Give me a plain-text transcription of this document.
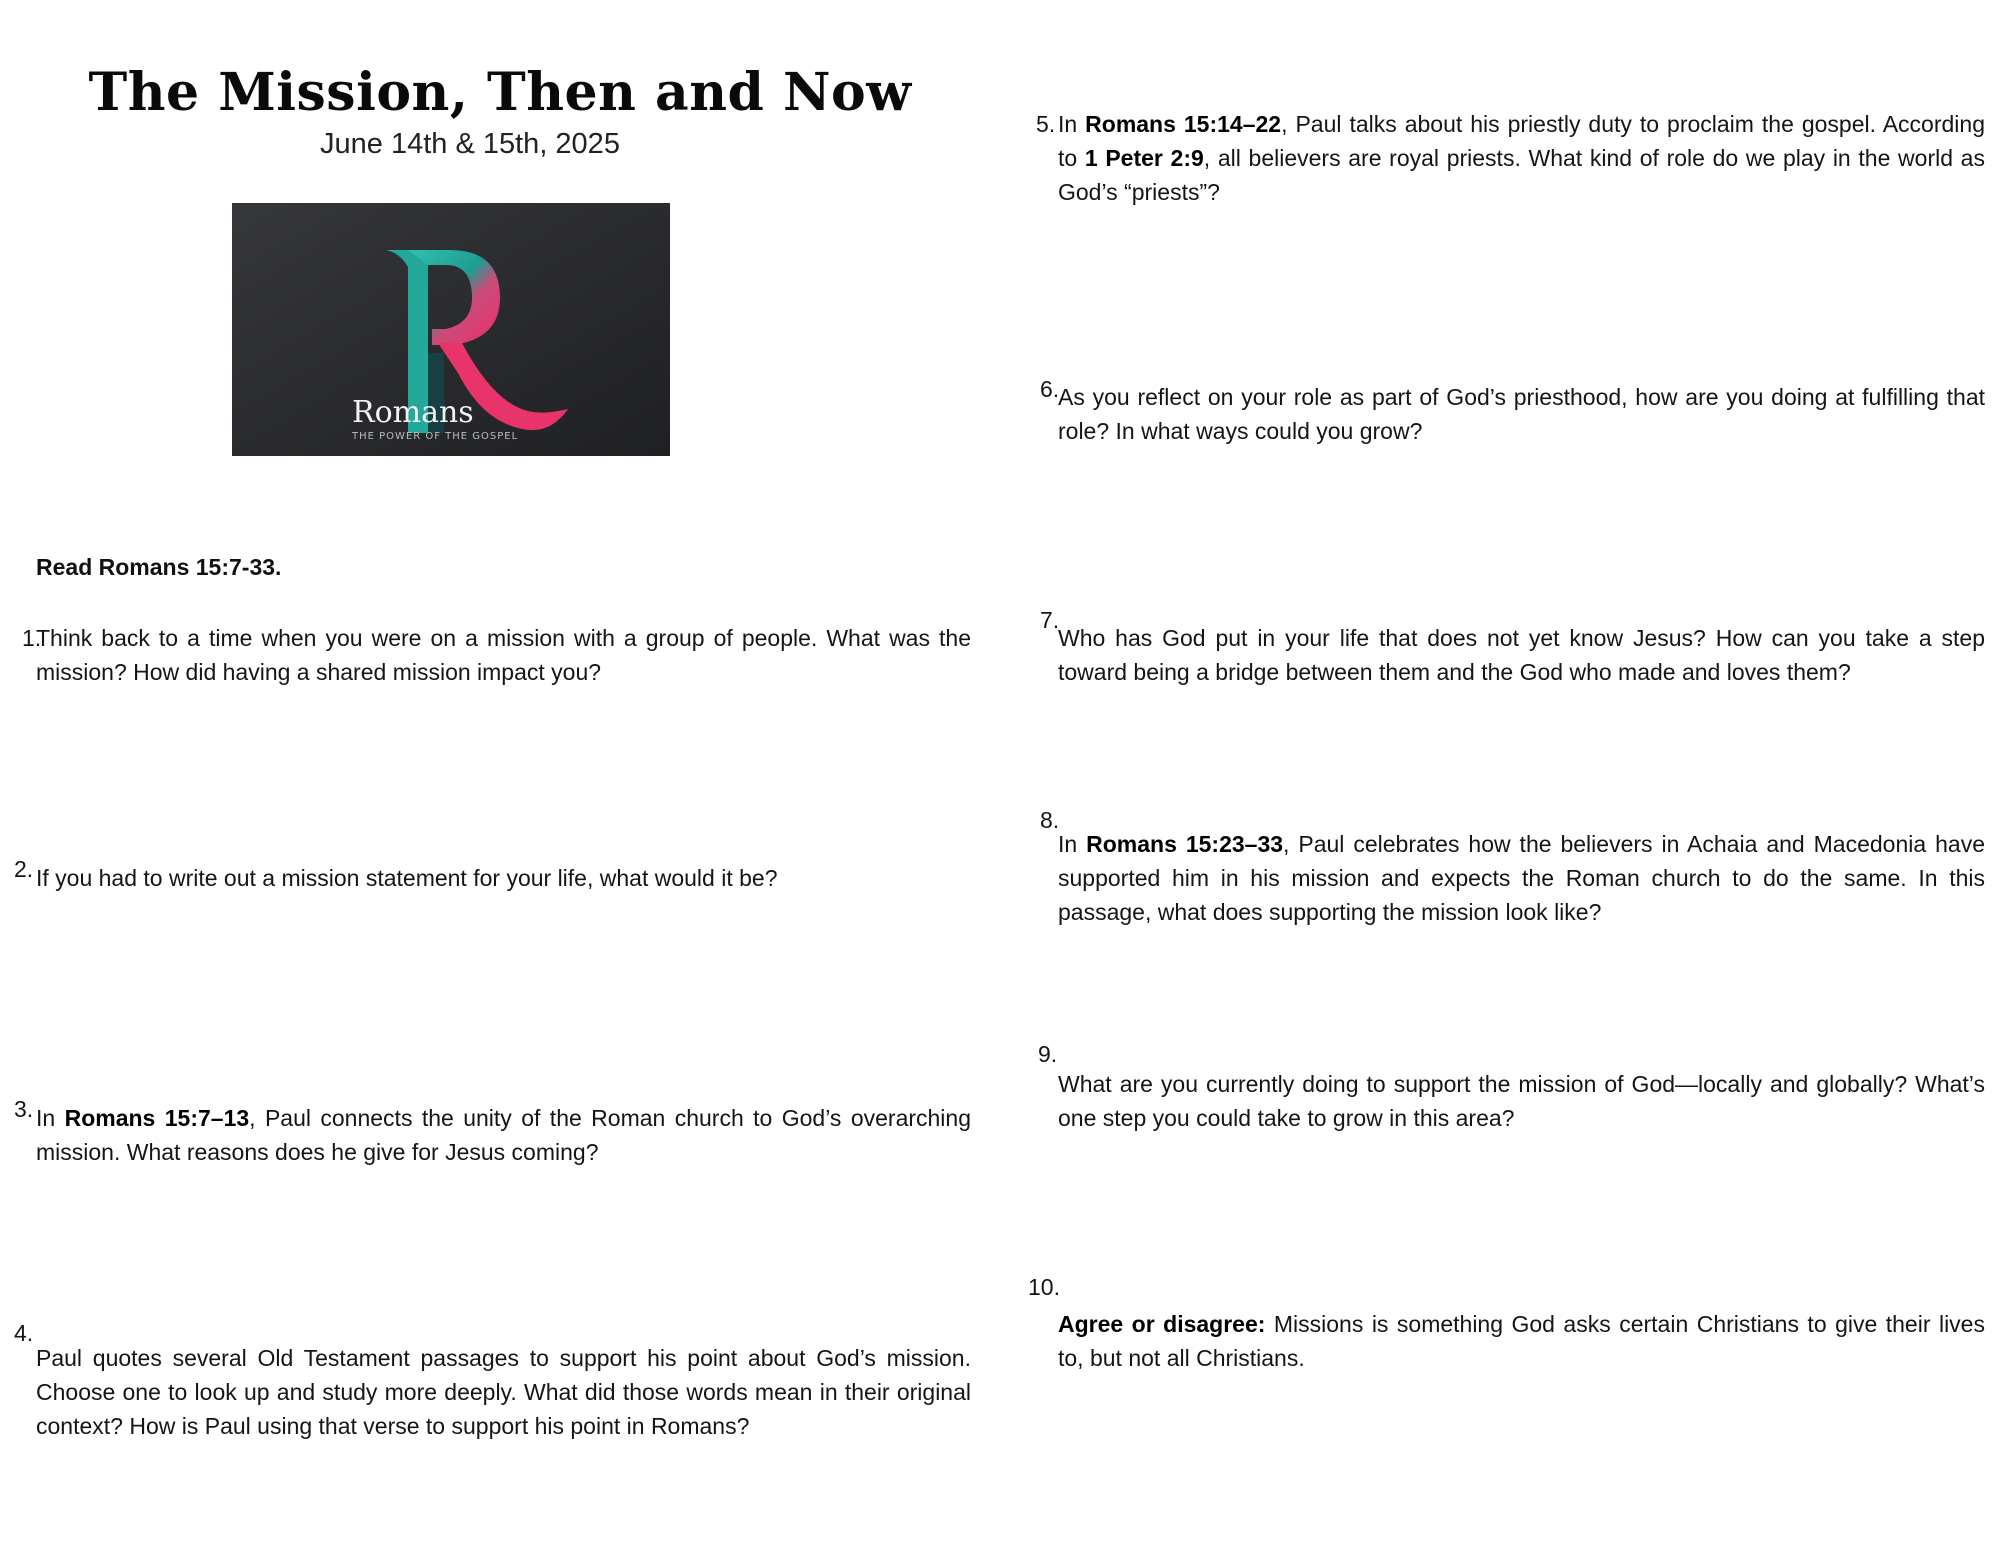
The Mission, Then and Now
June 14th & 15th, 2025
Romans
THE POWER OF THE GOSPEL
Read Romans 15:7-33.
1.
Think back to a time when you were on a mission with a group of people. What was the mission? How did having a shared mission impact you?
2. If you had to write out a mission statement for your life, what would it be?
3. In Romans 15:7–13, Paul connects the unity of the Roman church to God’s overarching mission. What reasons does he give for Jesus coming?
4.
Paul quotes several Old Testament passages to support his point about God’s mission. Choose one to look up and study more deeply. What did those words mean in their original context? How is Paul using that verse to support his point in Romans?
5. In Romans 15:14–22, Paul talks about his priestly duty to proclaim the gospel. According to 1 Peter 2:9, all believers are royal priests. What kind of role do we play in the world as God’s “priests”?
6.
As you reflect on your role as part of God’s priesthood, how are you doing at fulfilling that role? In what ways could you grow?
7.
Who has God put in your life that does not yet know Jesus? How can you take a step toward being a bridge between them and the God who made and loves them?
8.
In Romans 15:23–33, Paul celebrates how the believers in Achaia and Macedonia have supported him in his mission and expects the Roman church to do the same. In this passage, what does supporting the mission look like?
9.
What are you currently doing to support the mission of God—locally and globally? What’s one step you could take to grow in this area?
10.
Agree or disagree: Missions is something God asks certain Christians to give their lives to, but not all Christians.
